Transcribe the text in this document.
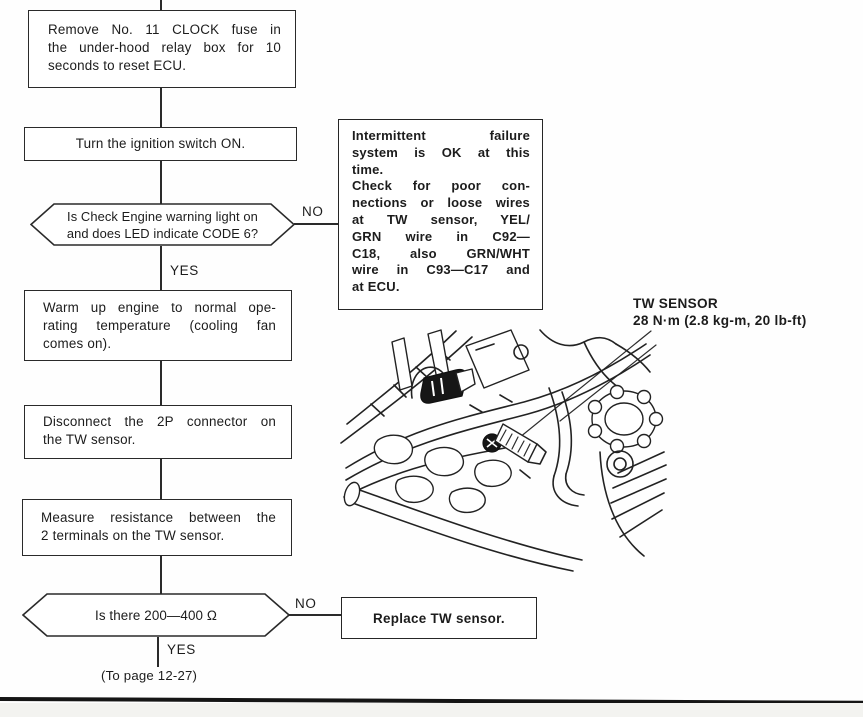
Remove No. 11 CLOCK fuse in
the under-hood relay box for 10
seconds to reset ECU.
Turn the ignition switch ON.
Is Check Engine warning light on
and does LED indicate CODE 6?
NO
YES
Warm up engine to normal ope-
rating temperature (cooling fan
comes on).
Disconnect the 2P connector on
the TW sensor.
Measure resistance between the
2 terminals on the TW sensor.
Is there 200—400 Ω
NO
YES
Replace TW sensor.
(To page 12-27)

Intermittent failure
system is OK at this
time.

Check for poor con-
nections or loose wires
at TW sensor, YEL/
GRN wire in C92—
C18, also GRN/WHT
wire in C93—C17 and
at ECU.

TW SENSOR
28 N·m (2.8 kg-m, 20 lb-ft)
